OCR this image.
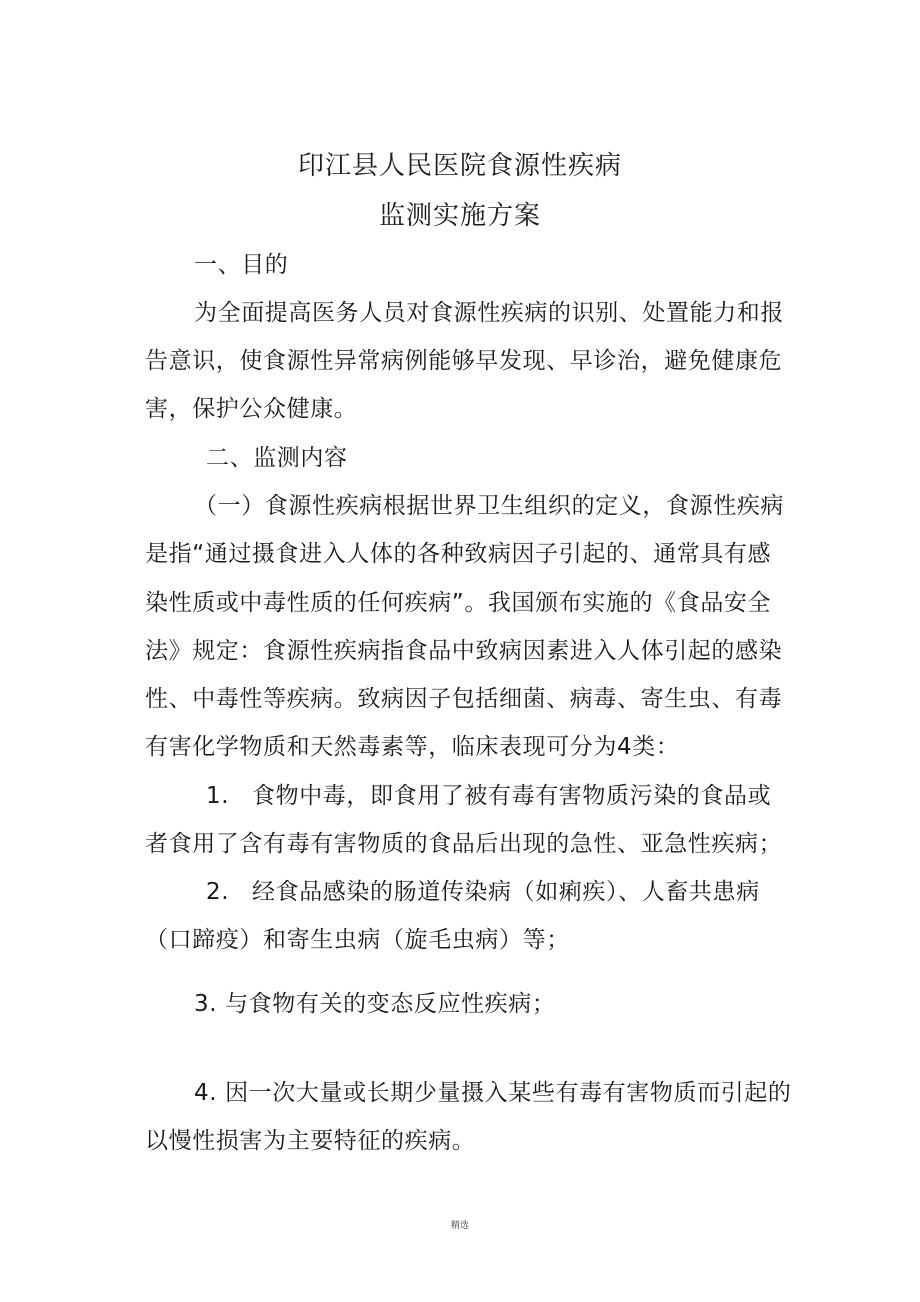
印江县人民医院食源性疾病
监测实施方案
一、目的
为全面提高医务人员对食源性疾病的识别、处置能力和报
告意识，使食源性异常病例能够早发现、早诊治，避免健康危
害，保护公众健康。
二、监测内容
（一）食源性疾病根据世界卫生组织的定义，食源性疾病
是指“通过摄食进入人体的各种致病因子引起的、通常具有感
染性质或中毒性质的任何疾病”。我国颁布实施的《食品安全
法》规定：食源性疾病指食品中致病因素进入人体引起的感染
性、中毒性等疾病。致病因子包括细菌、病毒、寄生虫、有毒
有害化学物质和天然毒素等，临床表现可分为4类：
1. 食物中毒，即食用了被有毒有害物质污染的食品或
者食用了含有毒有害物质的食品后出现的急性、亚急性疾病；
2. 经食品感染的肠道传染病（如痢疾）、人畜共患病
（口蹄疫）和寄生虫病（旋毛虫病）等；
3. 与食物有关的变态反应性疾病；
4. 因一次大量或长期少量摄入某些有毒有害物质而引起的
以慢性损害为主要特征的疾病。
精选
